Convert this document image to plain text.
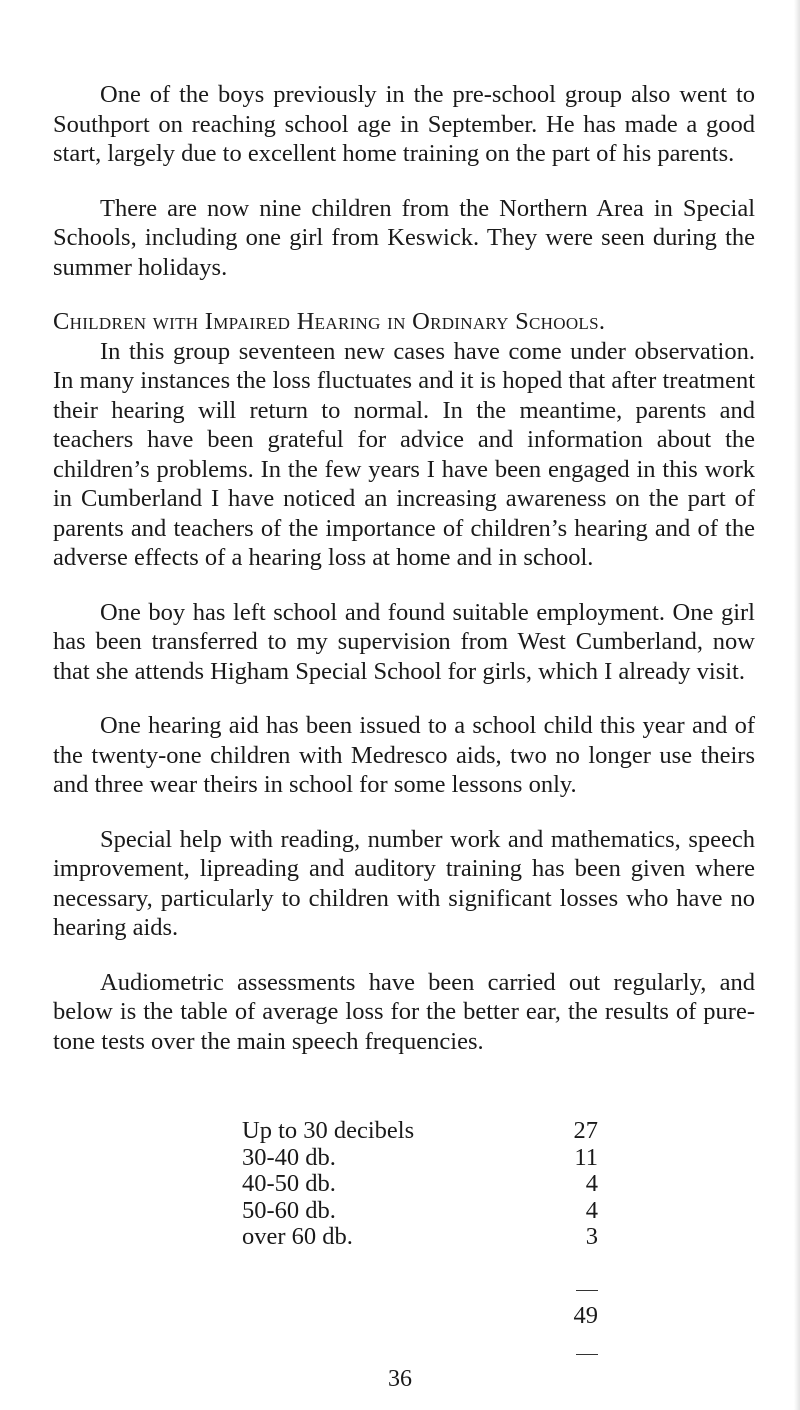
One of the boys previously in the pre-school group also went to Southport on reaching school age in September. He has made a good start, largely due to excellent home training on the part of his parents.

There are now nine children from the Northern Area in Special Schools, including one girl from Keswick. They were seen during the summer holidays.

Children with Impaired Hearing in Ordinary Schools.
In this group seventeen new cases have come under observation. In many instances the loss fluctuates and it is hoped that after treatment their hearing will return to normal. In the meantime, parents and teachers have been grateful for advice and information about the children’s problems. In the few years I have been engaged in this work in Cumberland I have noticed an increasing awareness on the part of parents and teachers of the importance of children’s hearing and of the adverse effects of a hearing loss at home and in school.

One boy has left school and found suitable employment. One girl has been transferred to my supervision from West Cumberland, now that she attends Higham Special School for girls, which I already visit.

One hearing aid has been issued to a school child this year and of the twenty-one children with Medresco aids, two no longer use theirs and three wear theirs in school for some lessons only.

Special help with reading, number work and mathematics, speech improvement, lipreading and auditory training has been given where necessary, particularly to children with significant losses who have no hearing aids.

Audiometric assessments have been carried out regularly, and below is the table of average loss for the better ear, the results of pure-tone tests over the main speech frequencies.

Up to 30 decibels	27
30-40 db.	11
40-50 db.	4
50-60 db.	4
over 60 db.	3
49
36
